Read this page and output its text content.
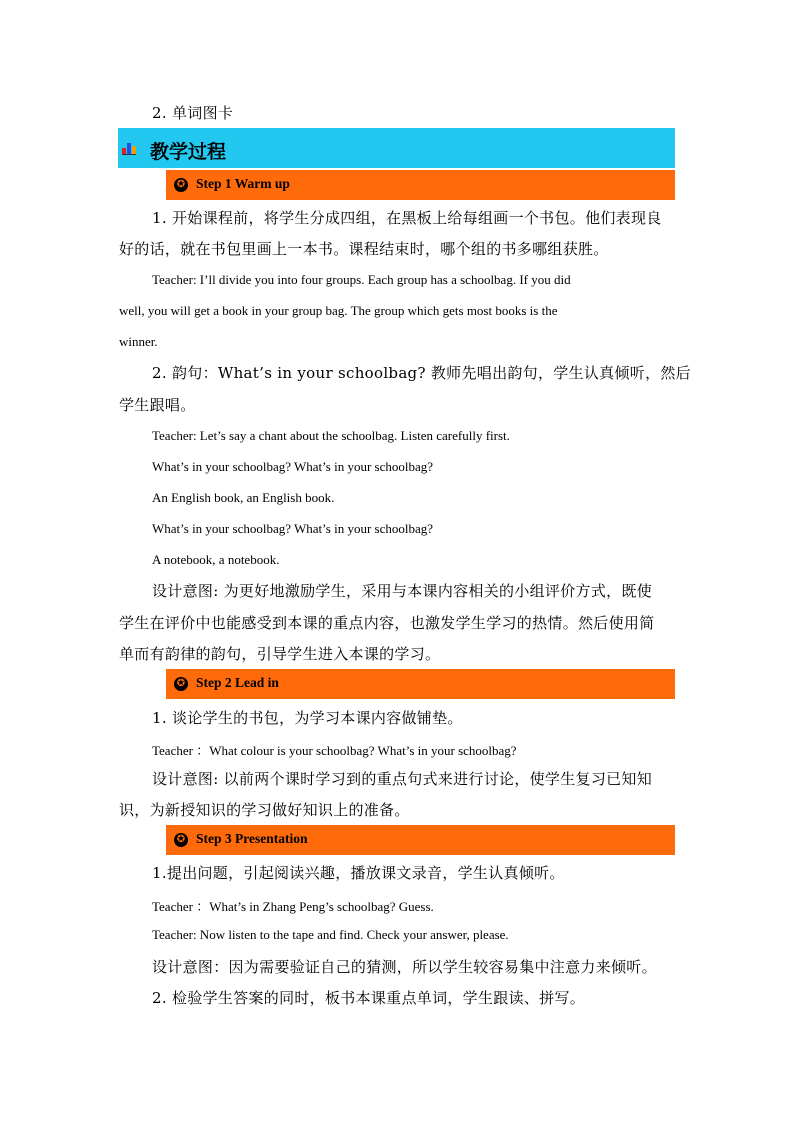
2. 单词图卡
教学过程
✪ Step 1 Warm up
1. 开始课程前，将学生分成四组，在黑板上给每组画一个书包。他们表现良
好的话，就在书包里画上一本书。课程结束时，哪个组的书多哪组获胜。
Teacher: I’ll divide you into four groups. Each group has a schoolbag. If you did
well, you will get a book in your group bag. The group which gets most books is the
winner.
2. 韵句：What’s in your schoolbag? 教师先唱出韵句，学生认真倾听，然后
学生跟唱。
Teacher: Let’s say a chant about the schoolbag. Listen carefully first.
What’s in your schoolbag? What’s in your schoolbag?
An English book, an English book.
What’s in your schoolbag? What’s in your schoolbag?
A notebook, a notebook.
设计意图: 为更好地激励学生，采用与本课内容相关的小组评价方式，既使
学生在评价中也能感受到本课的重点内容，也激发学生学习的热情。然后使用简
单而有韵律的韵句，引导学生进入本课的学习。
✪ Step 2 Lead in
1. 谈论学生的书包，为学习本课内容做铺垫。
Teacher ：What colour is your schoolbag? What’s in your schoolbag?
设计意图: 以前两个课时学习到的重点句式来进行讨论，使学生复习已知知
识，为新授知识的学习做好知识上的准备。
✪ Step 3 Presentation
1.提出问题，引起阅读兴趣，播放课文录音，学生认真倾听。
Teacher ：What’s in Zhang Peng’s schoolbag? Guess.
Teacher: Now listen to the tape and find. Check your answer, please.
设计意图：因为需要验证自己的猜测，所以学生较容易集中注意力来倾听。
2. 检验学生答案的同时，板书本课重点单词，学生跟读、拼写。
